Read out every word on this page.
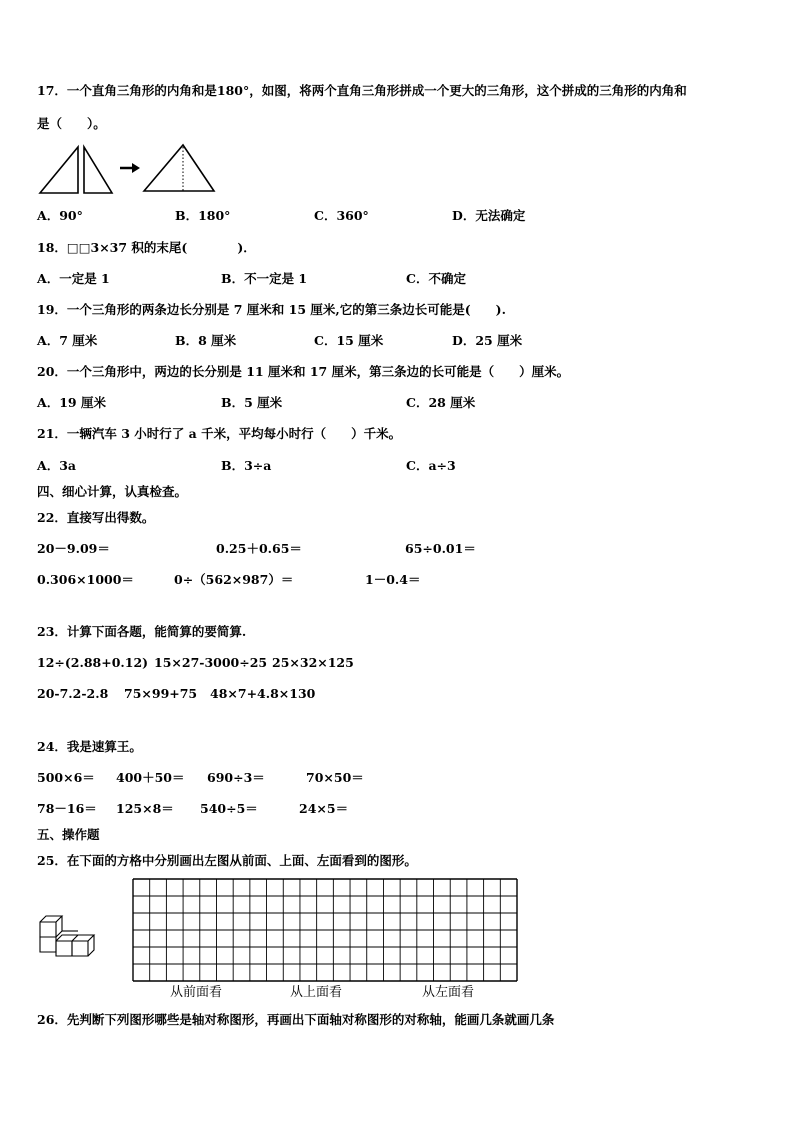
17．一个直角三角形的内角和是180°，如图，将两个直角三角形拼成一个更大的三角形，这个拼成的三角形的内角和
是（　　）。
A．90°	B．180°	C．360°	D．无法确定
18．□□3×37 积的末尾(　　　　)．
A．一定是 1	B．不一定是 1	C．不确定
19．一个三角形的两条边长分别是 7 厘米和 15 厘米,它的第三条边长可能是(　　).
A．7 厘米	B．8 厘米	C．15 厘米	D．25 厘米
20．一个三角形中，两边的长分别是 11 厘米和 17 厘米，第三条边的长可能是（　　）厘米。
A．19 厘米	B．5 厘米	C．28 厘米
21．一辆汽车 3 小时行了 a 千米，平均每小时行（　　）千米。
A．3a	B．3÷a	C．a÷3
四、细心计算，认真检查。
22．直接写出得数。
20－9.09＝	0.25＋0.65＝	65÷0.01＝
0.306×1000＝	0÷（562×987）＝	1－0.4＝
23．计算下面各题，能简算的要简算.
12÷(2.88+0.12) 15×27-3000÷25 25×32×125
20-7.2-2.8 75×99+75 48×7+4.8×130
24．我是速算王。
500×6＝ 400＋50＝ 690÷3＝	70×50＝
78－16＝ 125×8＝ 540÷5＝	24×5＝
五、操作题
25．在下面的方格中分别画出左图从前面、上面、左面看到的图形。
从前面看	从上面看	从左面看
26．先判断下列图形哪些是轴对称图形，再画出下面轴对称图形的对称轴，能画几条就画几条
